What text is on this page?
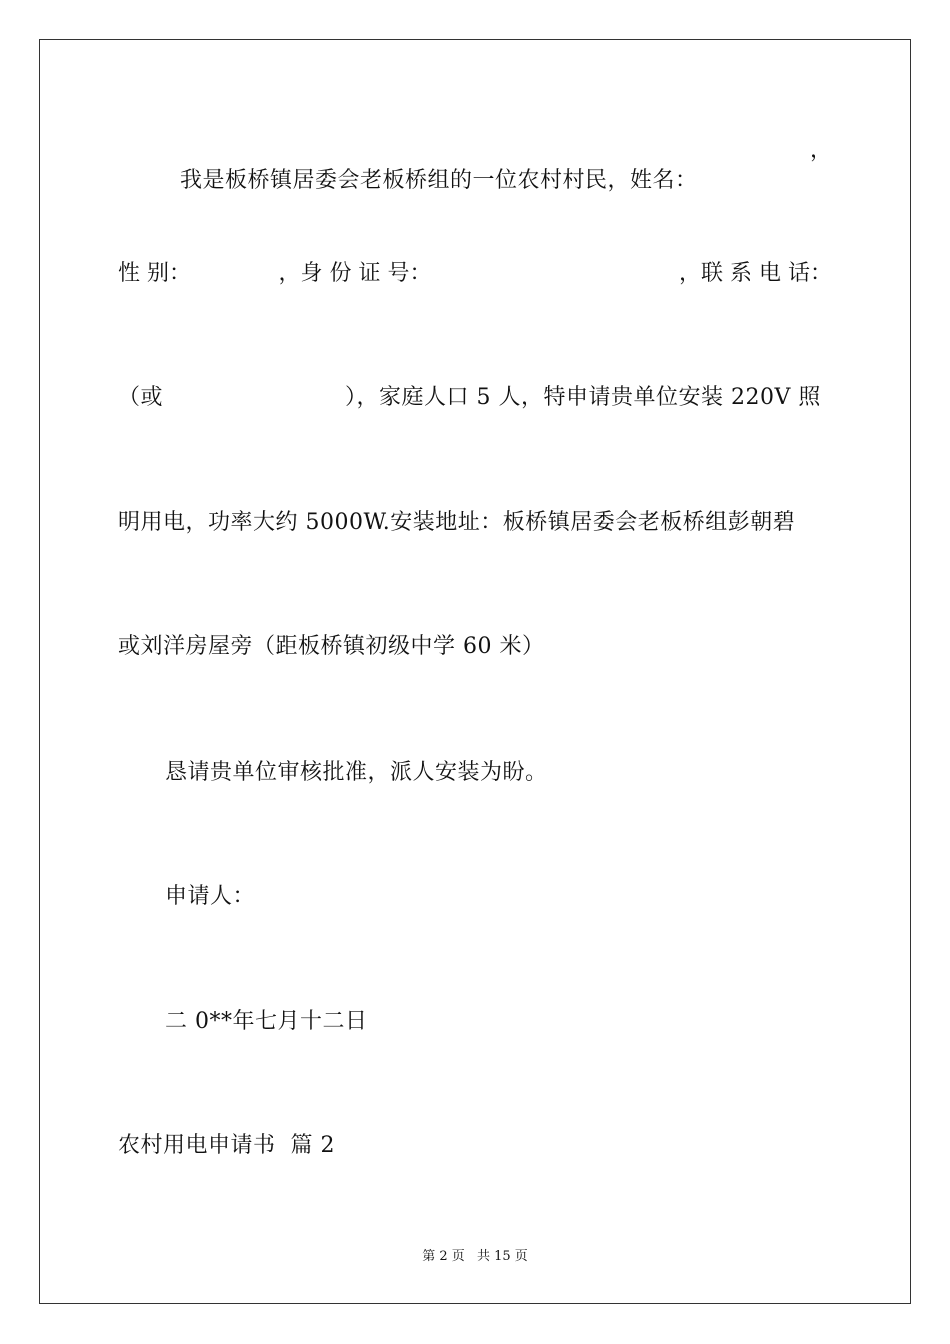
我是板桥镇居委会老板桥组的一位农村村民，姓名：

，
性 别：	，身 份 证 号：	，联 系 电 话：
（或	），家庭人口 5 人，特申请贵单位安装 220V 照
明用电，功率大约 5000W.安装地址：板桥镇居委会老板桥组彭朝碧
或刘洋房屋旁（距板桥镇初级中学 60 米）
恳请贵单位审核批准，派人安装为盼。
申请人：
二 0**年七月十二日
农村用电申请书  篇 2
第 2 页 共 15 页
